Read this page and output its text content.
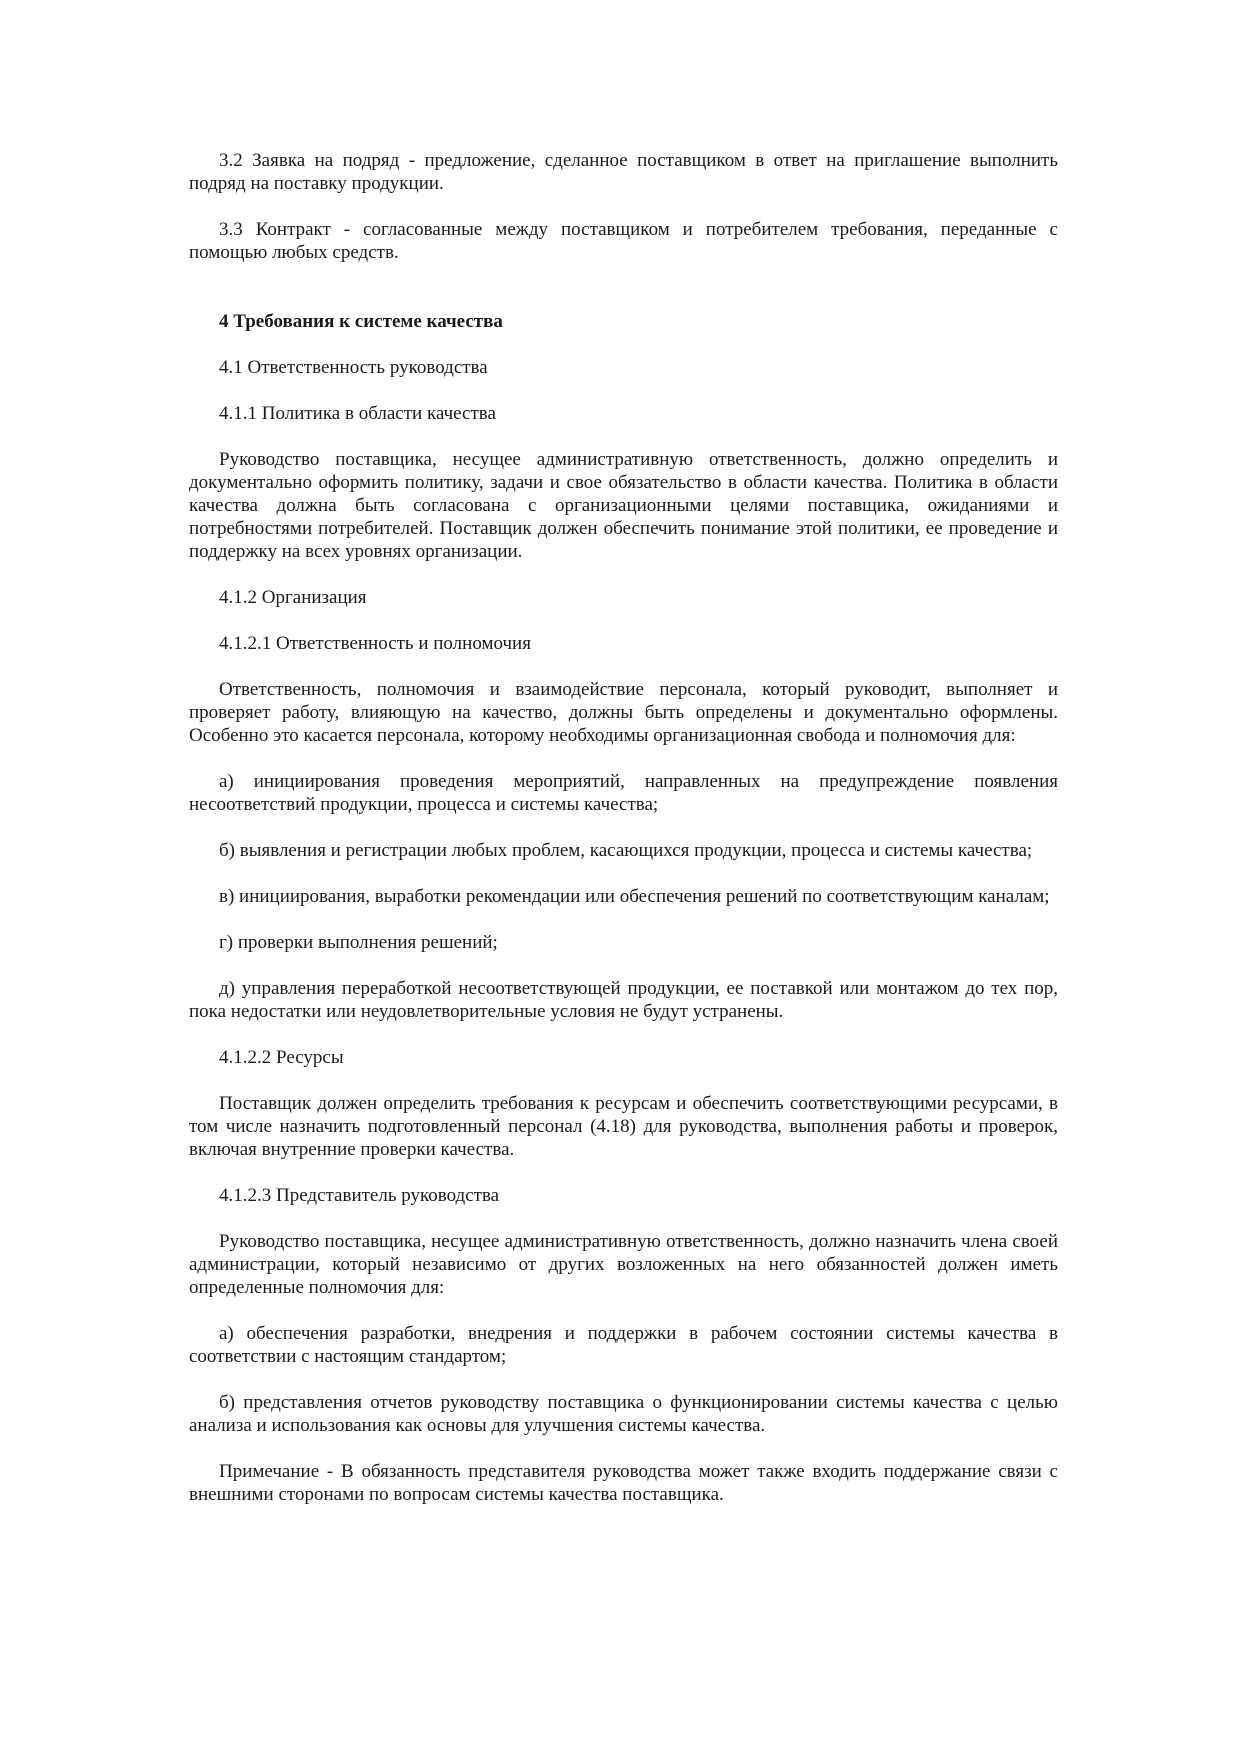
3.2 Заявка на подряд - предложение, сделанное поставщиком в ответ на приглашение выполнить подряд на поставку продукции.

3.3 Контракт - согласованные между поставщиком и потребителем требования, переданные с помощью любых средств.

4 Требования к системе качества

4.1 Ответственность руководства

4.1.1 Политика в области качества

Руководство поставщика, несущее административную ответственность, должно определить и документально оформить политику, задачи и свое обязательство в области качества. Политика в области качества должна быть согласована с организационными целями поставщика, ожиданиями и потребностями потребителей. Поставщик должен обеспечить понимание этой политики, ее проведение и поддержку на всех уровнях организации.

4.1.2 Организация

4.1.2.1 Ответственность и полномочия

Ответственность, полномочия и взаимодействие персонала, который руководит, выполняет и проверяет работу, влияющую на качество, должны быть определены и документально оформлены. Особенно это касается персонала, которому необходимы организационная свобода и полномочия для:

а) инициирования проведения мероприятий, направленных на предупреждение появления несоответствий продукции, процесса и системы качества;

б) выявления и регистрации любых проблем, касающихся продукции, процесса и системы качества;

в) инициирования, выработки рекомендации или обеспечения решений по соответствующим каналам;

г) проверки выполнения решений;

д) управления переработкой несоответствующей продукции, ее поставкой или монтажом до тех пор, пока недостатки или неудовлетворительные условия не будут устранены.

4.1.2.2 Ресурсы

Поставщик должен определить требования к ресурсам и обеспечить соответствующими ресурсами, в том числе назначить подготовленный персонал (4.18) для руководства, выполнения работы и проверок, включая внутренние проверки качества.

4.1.2.3 Представитель руководства

Руководство поставщика, несущее административную ответственность, должно назначить члена своей администрации, который независимо от других возложенных на него обязанностей должен иметь определенные полномочия для:

а) обеспечения разработки, внедрения и поддержки в рабочем состоянии системы качества в соответствии с настоящим стандартом;

б) представления отчетов руководству поставщика о функционировании системы качества с целью анализа и использования как основы для улучшения системы качества.

Примечание - В обязанность представителя руководства может также входить поддержание связи с внешними сторонами по вопросам системы качества поставщика.
